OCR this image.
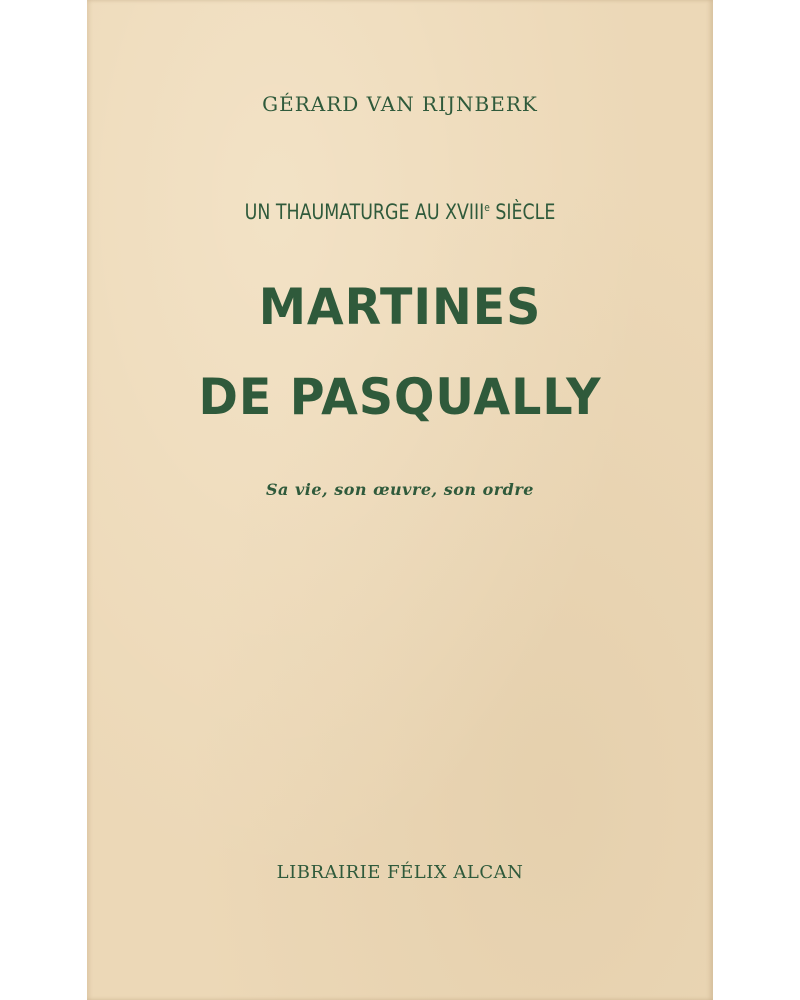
GÉRARD VAN RIJNBERK
UN THAUMATURGE AU XVIIIe SIÈCLE
MARTINES
DE PASQUALLY
Sa vie, son œuvre, son ordre
LIBRAIRIE FÉLIX ALCAN
